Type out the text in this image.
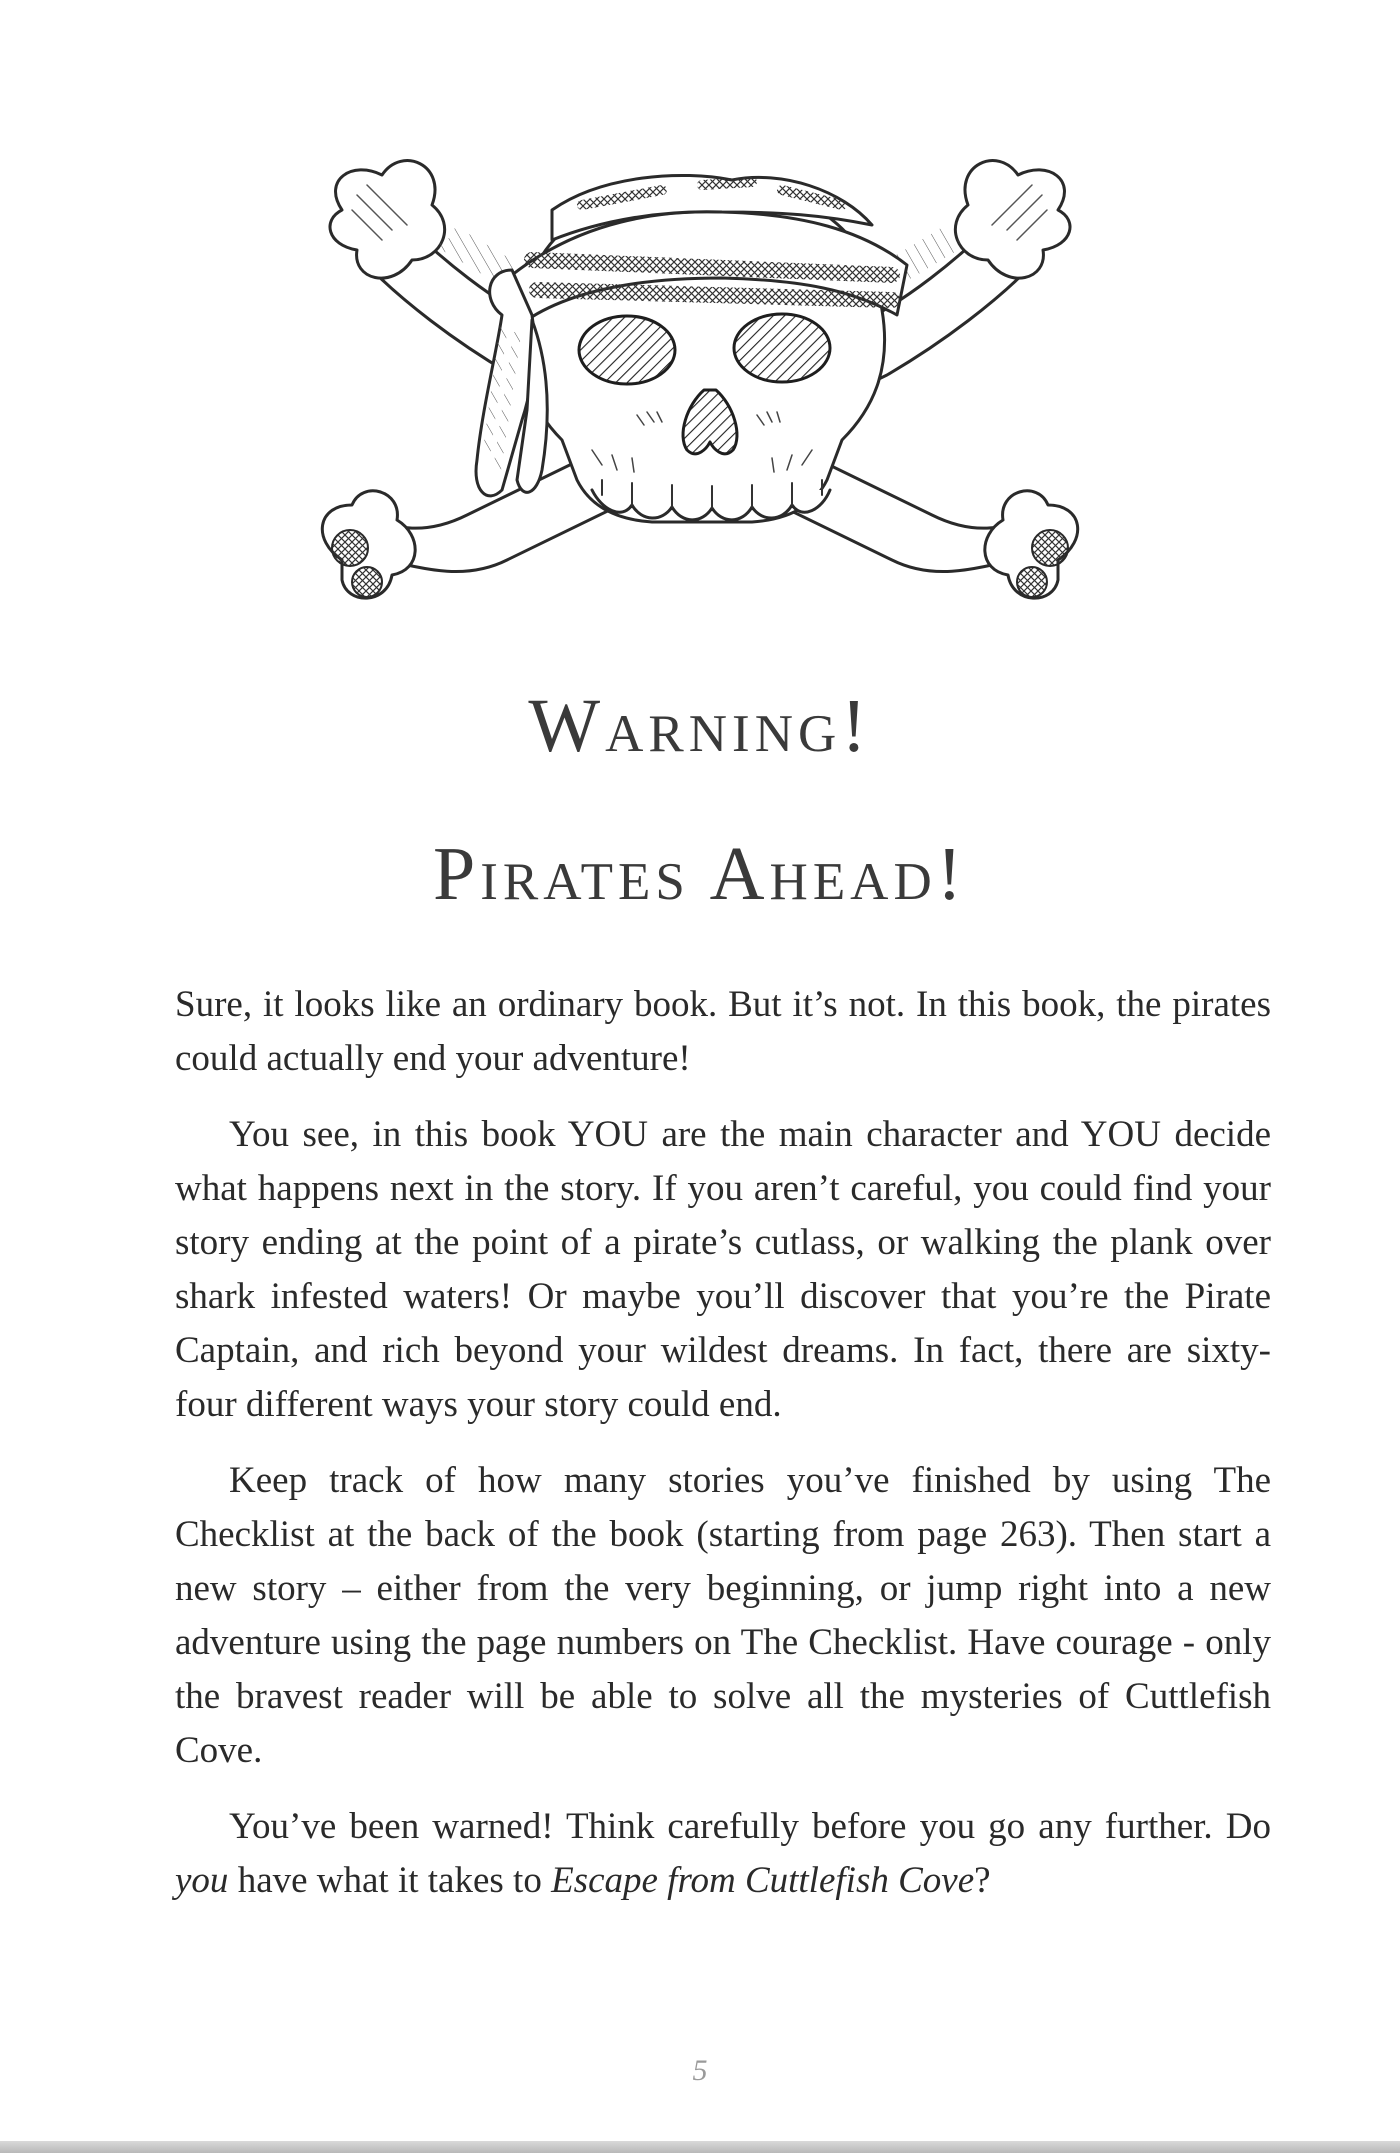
Warning!
Pirates Ahead!

Sure, it looks like an ordinary book. But it’s not. In this book, the pirates could actually end your adventure!

You see, in this book YOU are the main character and YOU decide what happens next in the story. If you aren’t careful, you could find your story ending at the point of a pirate’s cutlass, or walking the plank over shark infested waters! Or maybe you’ll discover that you’re the Pirate Captain, and rich beyond your wildest dreams. In fact, there are sixty-four different ways your story could end.

Keep track of how many stories you’ve finished by using The Checklist at the back of the book (starting from page 263). Then start a new story – either from the very beginning, or jump right into a new adventure using the page numbers on The Checklist. Have courage - only the bravest reader will be able to solve all the mysteries of Cuttlefish Cove.

You’ve been warned! Think carefully before you go any further. Do you have what it takes to Escape from Cuttlefish Cove?

5
